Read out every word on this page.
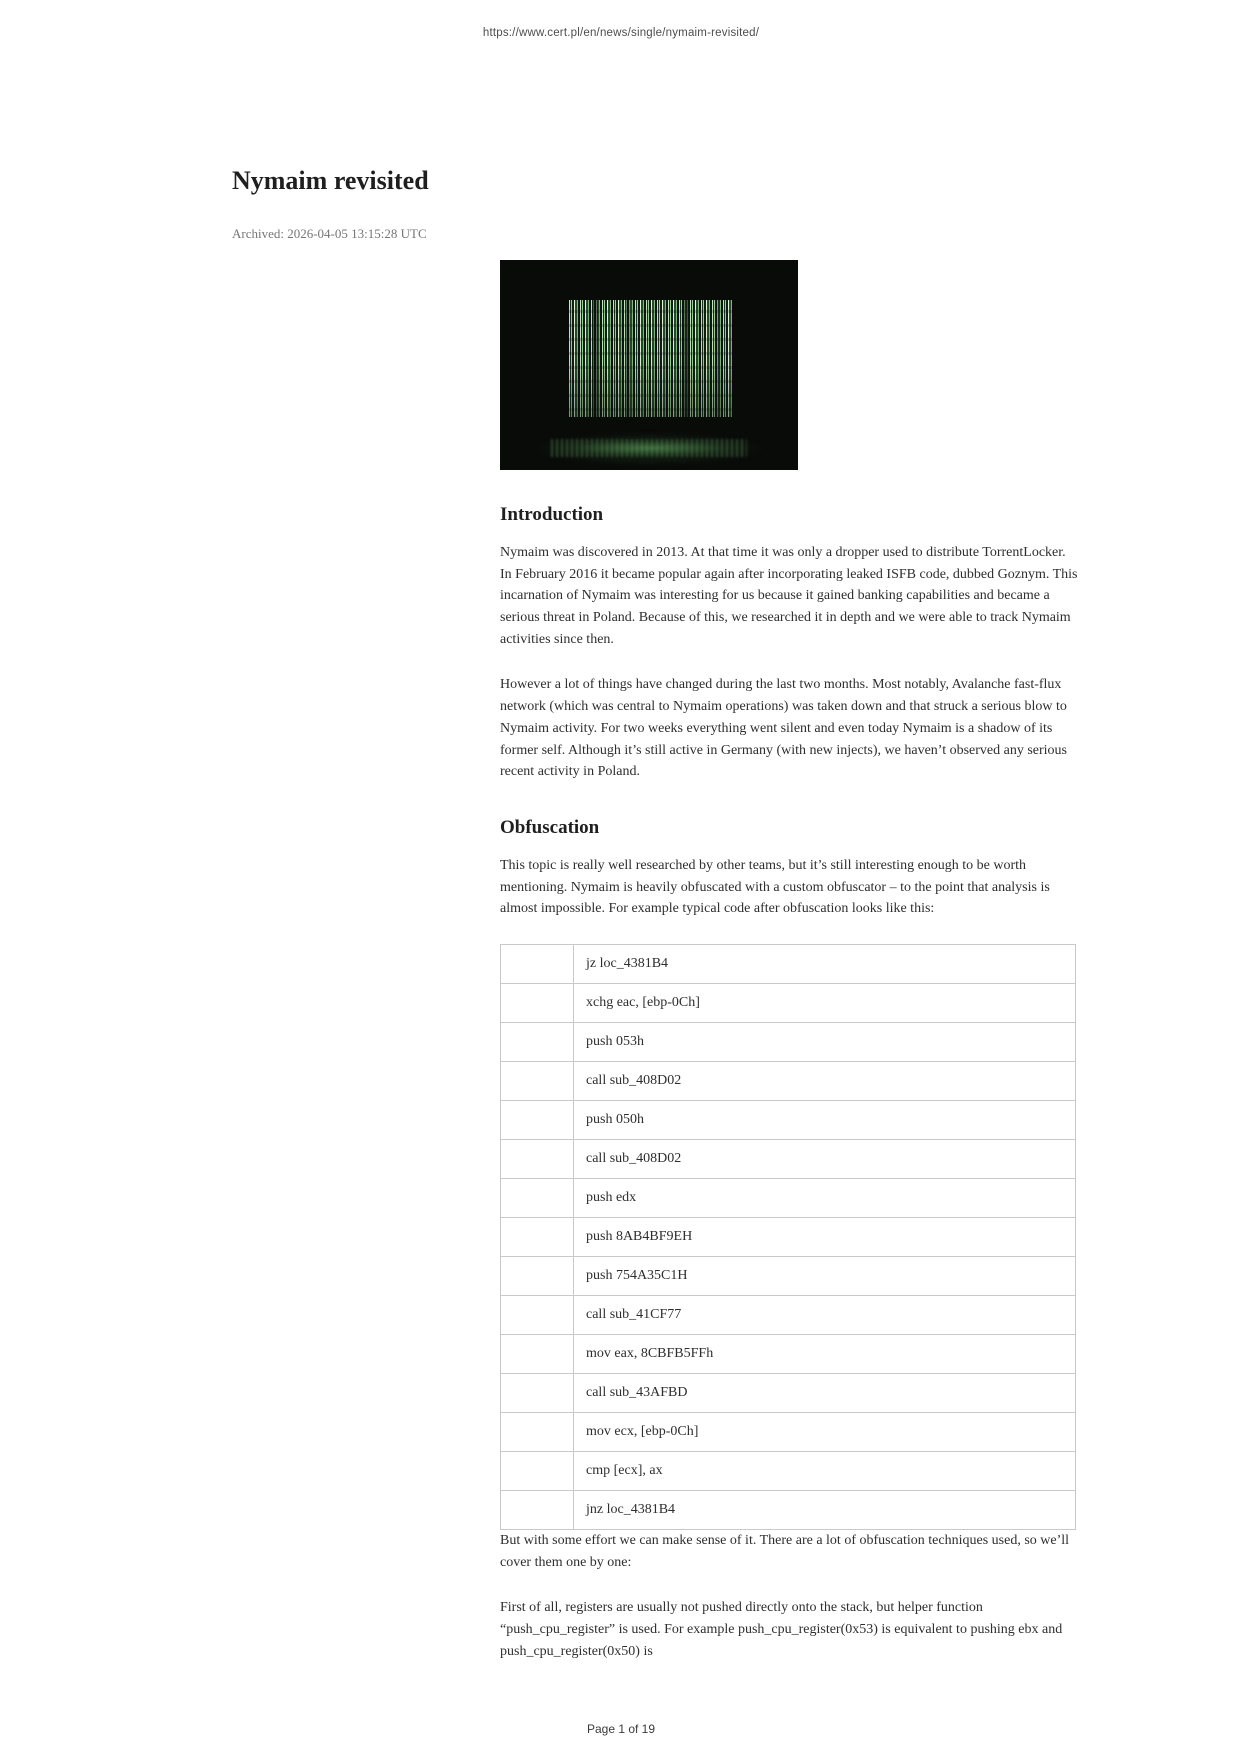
https://www.cert.pl/en/news/single/nymaim-revisited/
Nymaim revisited
Archived: 2026-04-05 13:15:28 UTC
Introduction

Nymaim was discovered in 2013. At that time it was only a dropper used to distribute TorrentLocker. In February 2016 it became popular again after incorporating leaked ISFB code, dubbed Goznym. This incarnation of Nymaim was interesting for us because it gained banking capabilities and became a serious threat in Poland. Because of this, we researched it in depth and we were able to track Nymaim activities since then.

However a lot of things have changed during the last two months. Most notably, Avalanche fast-flux network (which was central to Nymaim operations) was taken down and that struck a serious blow to Nymaim activity. For two weeks everything went silent and even today Nymaim is a shadow of its former self. Although it’s still active in Germany (with new injects), we haven’t observed any serious recent activity in Poland.

Obfuscation

This topic is really well researched by other teams, but it’s still interesting enough to be worth mentioning. Nymaim is heavily obfuscated with a custom obfuscator – to the point that analysis is almost impossible. For example typical code after obfuscation looks like this:

	jz loc_4381B4
	xchg eac, [ebp-0Ch]
	push 053h
	call sub_408D02
	push 050h
	call sub_408D02
	push edx
	push 8AB4BF9EH
	push 754A35C1H
	call sub_41CF77
	mov eax, 8CBFB5FFh
	call sub_43AFBD
	mov ecx, [ebp-0Ch]
	cmp [ecx], ax
	jnz loc_4381B4

But with some effort we can make sense of it. There are a lot of obfuscation techniques used, so we’ll cover them one by one:

First of all, registers are usually not pushed directly onto the stack, but helper function “push_cpu_register” is used. For example push_cpu_register(0x53) is equivalent to pushing ebx and push_cpu_register(0x50) is

Page 1 of 19
